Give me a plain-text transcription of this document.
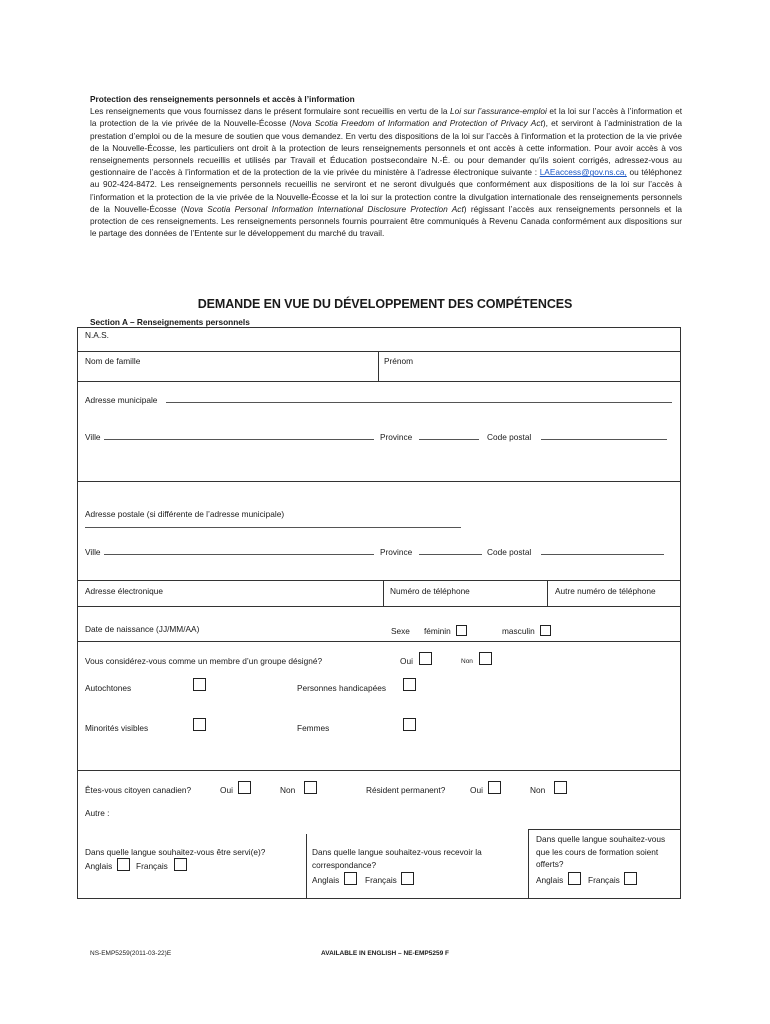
Protection des renseignements personnels et accès à l’information
Les renseignements que vous fournissez dans le présent formulaire sont recueillis en vertu de la Loi sur l’assurance-emploi et la loi sur l’accès à l’information et la protection de la vie privée de la Nouvelle-Écosse (Nova Scotia Freedom of Information and Protection of Privacy Act), et serviront à l’administration de la prestation d’emploi ou de la mesure de soutien que vous demandez. En vertu des dispositions de la loi sur l’accès à l’information et la protection de la vie privée de la Nouvelle-Écosse, les particuliers ont droit à la protection de leurs renseignements personnels et ont accès à cette information. Pour avoir accès à vos renseignements personnels recueillis et utilisés par Travail et Éducation postsecondaire N.-É. ou pour demander qu’ils soient corrigés, adressez-vous au gestionnaire de l’accès à l’information et de la protection de la vie privée du ministère à l’adresse électronique suivante : LAEaccess@gov.ns.ca, ou téléphonez au 902-424-8472. Les renseignements personnels recueillis ne serviront et ne seront divulgués que conformément aux dispositions de la loi sur l’accès à l’information et la protection de la vie privée de la Nouvelle-Écosse et la loi sur la protection contre la divulgation internationale des renseignements personnels de la Nouvelle-Écosse (Nova Scotia Personal Information International Disclosure Protection Act) régissant l’accès aux renseignements personnels et la protection de ces renseignements. Les renseignements personnels fournis pourraient être communiqués à Revenu Canada conformément aux dispositions sur le partage des données de l’Entente sur le développement du marché du travail.
DEMANDE EN VUE DU DÉVELOPPEMENT DES COMPÉTENCES
Section A – Renseignements personnels
N.A.S.
Nom de famille	Prénom
Adresse municipale
Ville	Province	Code postal
Adresse postale (si différente de l’adresse municipale)
Ville	Province	Code postal
Adresse électronique	Numéro de téléphone	Autre numéro de téléphone
Date de naissance (JJ/MM/AA)	Sexe féminin	masculin
Vous considérez-vous comme un membre d’un groupe désigné?	Oui	Non
Autochtones	Personnes handicapées
Minorités visibles	Femmes
Êtes-vous citoyen canadien?	Oui	Non	Résident permanent?	Oui	Non
Autre :
Dans quelle langue souhaitez-vous être servi(e)?
Anglais	Français
Dans quelle langue souhaitez-vous recevoir la correspondance?
Anglais	Français
Dans quelle langue souhaitez-vous que les cours de formation soient offerts?
Anglais	Français
NS-EMP5259(2011-03-22)E	AVAILABLE IN ENGLISH – NE-EMP5259 F
